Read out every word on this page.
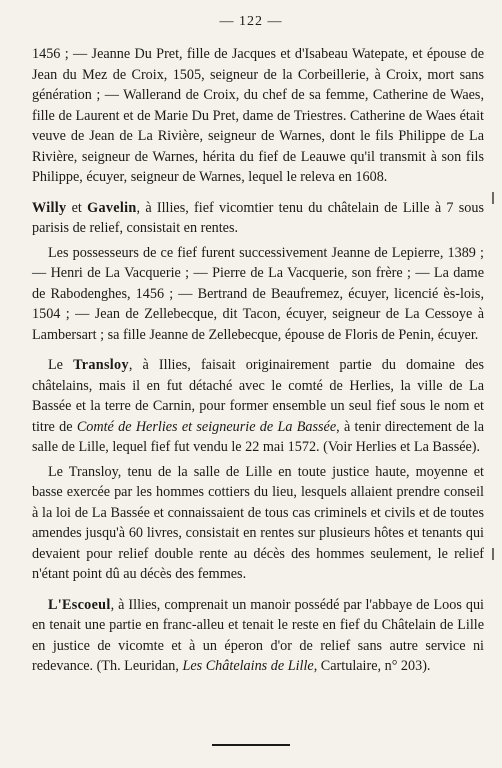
— 122 —

1456 ; — Jeanne Du Pret, fille de Jacques et d'Isabeau Watepate, et épouse de Jean du Mez de Croix, 1505, seigneur de la Corbeillerie, à Croix, mort sans génération ; — Wallerand de Croix, du chef de sa femme, Catherine de Waes, fille de Laurent et de Marie Du Pret, dame de Triestres. Catherine de Waes était veuve de Jean de La Rivière, seigneur de Warnes, dont le fils Philippe de La Rivière, seigneur de Warnes, hérita du fief de Leauwe qu'il transmit à son fils Philippe, écuyer, seigneur de Warnes, lequel le releva en 1608.

Willy et Gavelin, à Illies, fief vicomtier tenu du châtelain de Lille à 7 sous parisis de relief, consistait en rentes.

Les possesseurs de ce fief furent successivement Jeanne de Lepierre, 1389 ; — Henri de La Vacquerie ; — Pierre de La Vacquerie, son frère ; — La dame de Rabodenghes, 1456 ; — Bertrand de Beaufremez, écuyer, licencié ès-lois, 1504 ; — Jean de Zellebecque, dit Tacon, écuyer, seigneur de La Cessoye à Lambersart ; sa fille Jeanne de Zellebecque, épouse de Floris de Penin, écuyer.

Le Transloy, à Illies, faisait originairement partie du domaine des châtelains, mais il en fut détaché avec le comté de Herlies, la ville de La Bassée et la terre de Carnin, pour former ensemble un seul fief sous le nom et titre de Comté de Herlies et seigneurie de La Bassée, à tenir directement de la salle de Lille, lequel fief fut vendu le 22 mai 1572. (Voir Herlies et La Bassée).

Le Transloy, tenu de la salle de Lille en toute justice haute, moyenne et basse exercée par les hommes cottiers du lieu, lesquels allaient prendre conseil à la loi de La Bassée et connaissaient de tous cas criminels et civils et de toutes amendes jusqu'à 60 livres, consistait en rentes sur plusieurs hôtes et tenants qui devaient pour relief double rente au décès des hommes seulement, le relief n'étant point dû au décès des femmes.

L'Escoeul, à Illies, comprenait un manoir possédé par l'abbaye de Loos qui en tenait une partie en franc-alleu et tenait le reste en fief du Châtelain de Lille en justice de vicomte et à un éperon d'or de relief sans autre service ni redevance. (Th. Leuridan, Les Châtelains de Lille, Cartulaire, n° 203).
